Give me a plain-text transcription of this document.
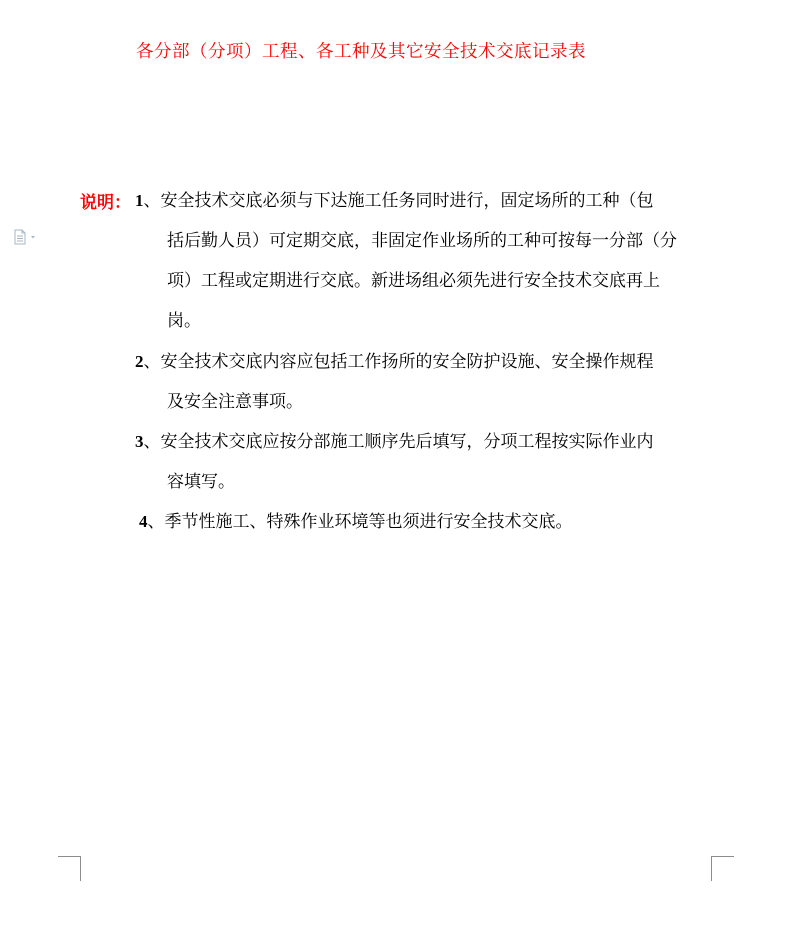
各分部（分项）工程、各工种及其它安全技术交底记录表
说明： 1、安全技术交底必须与下达施工任务同时进行，固定场所的工种（包
括后勤人员）可定期交底，非固定作业场所的工种可按每一分部（分
项）工程或定期进行交底。新进场组必须先进行安全技术交底再上
岗。
2、安全技术交底内容应包括工作扬所的安全防护设施、安全操作规程
及安全注意事项。
3、安全技术交底应按分部施工顺序先后填写，分项工程按实际作业内
容填写。
4、季节性施工、特殊作业环境等也须进行安全技术交底。
